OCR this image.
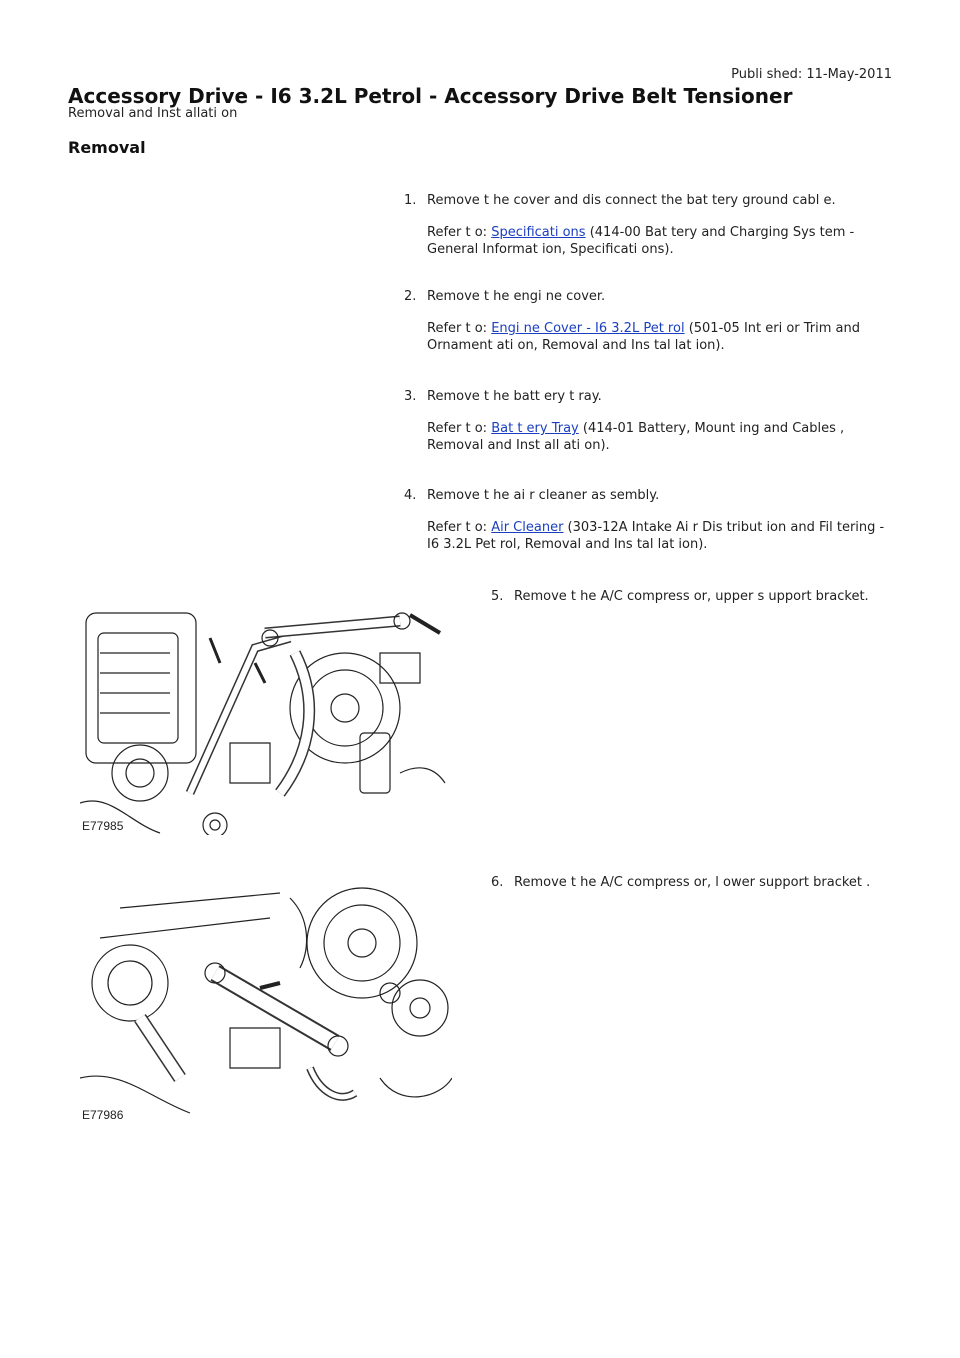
Publi shed: 11-May-2011
Accessory Drive - I6 3.2L Petrol - Accessory Drive Belt Tensioner
Removal and Inst allati on
Removal
1. Remove t he cover and dis connect the bat tery ground cabl e.
Refer t o: Specificati ons (414-00 Bat tery and Charging Sys tem - General Informat ion, Specificati ons).
2. Remove t he engi ne cover.
Refer t o: Engi ne Cover - I6 3.2L Pet rol (501-05 Int eri or Trim and Ornament ati on, Removal and Ins tal lat ion).
3. Remove t he batt ery t ray.
Refer t o: Bat t ery Tray (414-01 Battery, Mount ing and Cables , Removal and Inst all ati on).
4. Remove t he ai r cleaner as sembly.
Refer t o: Air Cleaner (303-12A Intake Ai r Dis tribut ion and Fil tering - I6 3.2L Pet rol, Removal and Ins tal lat ion).
E77985
5. Remove t he A/C compress or, upper s upport bracket.
E77986
6. Remove t he A/C compress or, l ower support bracket .
